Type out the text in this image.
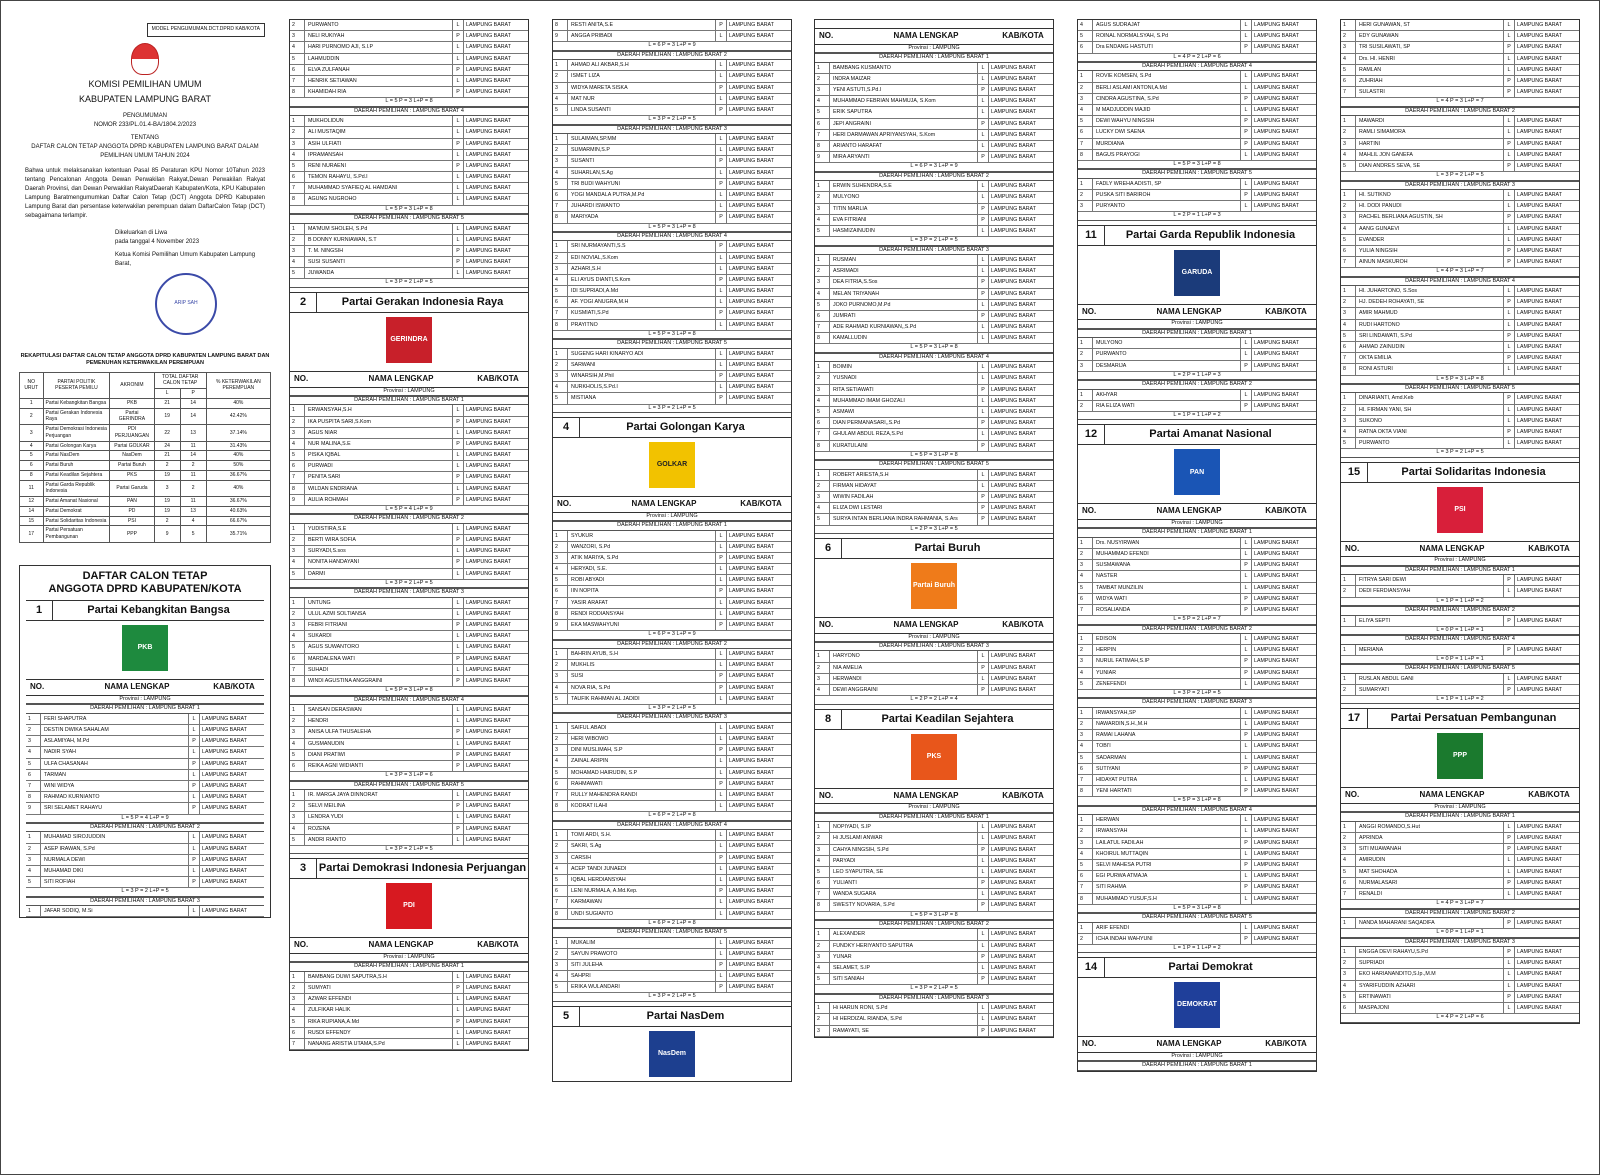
MODEL PENGUMUMAN.DCT.DPRD KAB/KOTA
KOMISI PEMILIHAN UMUM
KABUPATEN LAMPUNG BARAT
PENGUMUMAN
NOMOR 233/PL.01.4-BA/1804.2/2023
TENTANG
DAFTAR CALON TETAP ANGGOTA DPRD KABUPATEN LAMPUNG BARAT DALAM PEMILIHAN UMUM TAHUN 2024
Bahwa untuk melaksanakan ketentuan Pasal 85 Peraturan KPU Nomor 10Tahun 2023 tentang Pencalonan Anggota Dewan Perwakilan Rakyat,Dewan Perwakilan Rakyat Daerah Provinsi, dan Dewan Perwakilan RakyatDaerah Kabupaten/Kota, KPU Kabupaten Lampung Baratmengumumkan Daftar Calon Tetap (DCT) Anggota DPRD Kabupaten Lampung Barat dan persentase keterwakilan perempuan dalam DaftarCalon Tetap (DCT) sebagaimana terlampir.
Dikeluarkan di Liwa
pada tanggal 4 November 2023
Ketua Komisi Pemilihan Umum Kabupaten Lampung Barat,
ARIP SAH
REKAPITULASI DAFTAR CALON TETAP ANGGOTA DPRD KABUPATEN LAMPUNG BARAT DAN PEMENUHAN KETERWAKILAN PEREMPUAN
NO URUT	PARTAI POLITIK PESERTA PEMILU	AKRONIM	TOTAL DAFTAR CALON TETAP		% KETERWAKILAN PEREMPUAN
			L	P	
1	Partai Kebangkitan Bangsa	PKB	21	14	40%
2	Partai Gerakan Indonesia Raya	Partai GERINDRA	19	14	42.42%
3	Partai Demokrasi Indonesia Perjuangan	PDI PERJUANGAN	22	13	37.14%
4	Partai Golongan Karya	Partai GOLKAR	24	11	31.43%
5	Partai NasDem	NasDem	21	14	40%
6	Partai Buruh	Partai Buruh	2	2	50%
8	Partai Keadilan Sejahtera	PKS	19	11	36.67%
11	Partai Garda Republik Indonesia	Partai Garuda	3	2	40%
12	Partai Amanat Nasional	PAN	19	11	36.67%
14	Partai Demokrat	PD	19	13	40.63%
15	Partai Solidaritas Indonesia	PSI	2	4	66.67%
17	Partai Persatuan Pembangunan	PPP	9	5	35.71%
DAFTAR CALON TETAP
ANGGOTA DPRD KABUPATEN/KOTA
1	Partai Kebangkitan Bangsa
PKB
NO.	NAMA LENGKAP	KAB/KOTA
Provinsi : LAMPUNG
DAERAH PEMILIHAN : LAMPUNG BARAT 1
1	FERI SHAPUTRA	L	LAMPUNG BARAT
2	DESTIN DWIKA SAHALAM	L	LAMPUNG BARAT
3	ASLAMIYAH, M.Pd	P	LAMPUNG BARAT
4	NADIR SYAH	L	LAMPUNG BARAT
5	ULFA CHASANAH	P	LAMPUNG BARAT
6	TARMAN	L	LAMPUNG BARAT
7	WINI WIDYA	P	LAMPUNG BARAT
8	RAHMAD KURNIANTO	L	LAMPUNG BARAT
9	SRI SELAMET RAHAYU	P	LAMPUNG BARAT
L = 5 P = 4 L+P = 9
DAERAH PEMILIHAN : LAMPUNG BARAT 2
1	MUHAMAD SIROJUDDIN	L	LAMPUNG BARAT
2	ASEP IRAWAN, S.Pd	L	LAMPUNG BARAT
3	NURMALA DEWI	P	LAMPUNG BARAT
4	MUHAMAD DIKI	L	LAMPUNG BARAT
5	SITI ROFIAH	P	LAMPUNG BARAT
L = 3 P = 2 L+P = 5
DAERAH PEMILIHAN : LAMPUNG BARAT 3
1	JAFAR SODIQ, M.Si	L	LAMPUNG BARAT
2	PURWANTO	L	LAMPUNG BARAT
3	NELI RUKIYAH	P	LAMPUNG BARAT
4	HARI PURNOMO AJI, S.I.P	L	LAMPUNG BARAT
5	LAHMUDDIN	L	LAMPUNG BARAT
6	ELVA ZULFANAH	P	LAMPUNG BARAT
7	HENRIK SETIAWAN	L	LAMPUNG BARAT
8	KHAMIDAH RIA	P	LAMPUNG BARAT
L = 5 P = 3 L+P = 8
DAERAH PEMILIHAN : LAMPUNG BARAT 4
1	MUKHOLIDUN	L	LAMPUNG BARAT
2	ALI MUSTAQIM	L	LAMPUNG BARAT
3	ASIH ULFIATI	P	LAMPUNG BARAT
4	IPRAMANSAH	L	LAMPUNG BARAT
5	RENI NURAENI	P	LAMPUNG BARAT
6	TEMON RAHAYU, S.Pd.I	L	LAMPUNG BARAT
7	MUHAMMAD SYAFIEQ AL HAMDANI	L	LAMPUNG BARAT
8	AGUNG NUGROHO	L	LAMPUNG BARAT
L = 5 P = 3 L+P = 8
DAERAH PEMILIHAN : LAMPUNG BARAT 5
1	MA'MUM SHOLEH, S.Pd	L	LAMPUNG BARAT
2	B DONNY KURNIAWAN, S.T	L	LAMPUNG BARAT
3	T. M. NINGSIH	P	LAMPUNG BARAT
4	SUSI SUSANTI	P	LAMPUNG BARAT
5	JUWANDA	L	LAMPUNG BARAT
L = 3 P = 2 L+P = 5
2	Partai Gerakan Indonesia Raya
GERINDRA
NO.	NAMA LENGKAP	KAB/KOTA
Provinsi : LAMPUNG
DAERAH PEMILIHAN : LAMPUNG BARAT 1
1	ERWANSYAH,S.H	L	LAMPUNG BARAT
2	IKA PUSPITA SARI,S.Kom	P	LAMPUNG BARAT
3	AGUS NIAR	L	LAMPUNG BARAT
4	NUR MALINA,S.E	P	LAMPUNG BARAT
5	PISKA IQBAL	L	LAMPUNG BARAT
6	PURWADI	L	LAMPUNG BARAT
7	PENITA SARI	P	LAMPUNG BARAT
8	WILDAN ENDRIANA	L	LAMPUNG BARAT
9	AULIA ROHMAH	P	LAMPUNG BARAT
L = 5 P = 4 L+P = 9
DAERAH PEMILIHAN : LAMPUNG BARAT 2
1	YUDISTIRA,S.E	L	LAMPUNG BARAT
2	BERTI WIRA SOFIA	P	LAMPUNG BARAT
3	SURYADI,S.sos	L	LAMPUNG BARAT
4	NONITA HANDAYANI	P	LAMPUNG BARAT
5	DARMI	L	LAMPUNG BARAT
L = 3 P = 2 L+P = 5
DAERAH PEMILIHAN : LAMPUNG BARAT 3
1	UNTUNG	L	LAMPUNG BARAT
2	ULUL AZMI SOLTIANSA	L	LAMPUNG BARAT
3	FEBRI FITRIANI	P	LAMPUNG BARAT
4	SUKARDI	L	LAMPUNG BARAT
5	AGUS SUWANTORO	L	LAMPUNG BARAT
6	MARDALENA WATI	P	LAMPUNG BARAT
7	SUHADI	L	LAMPUNG BARAT
8	WINDI AGUSTINA ANGGRAINI	P	LAMPUNG BARAT
L = 5 P = 3 L+P = 8
DAERAH PEMILIHAN : LAMPUNG BARAT 4
1	SANSAN DERASWAN	L	LAMPUNG BARAT
2	HENDRI	L	LAMPUNG BARAT
3	ANISA ULFA THUSALEHA	P	LAMPUNG BARAT
4	GUSMANUDIN	L	LAMPUNG BARAT
5	DIANI PRATIWI	P	LAMPUNG BARAT
6	REIKA AGNI WIDIANTI	P	LAMPUNG BARAT
L = 3 P = 3 L+P = 6
DAERAH PEMILIHAN : LAMPUNG BARAT 5
1	IR. MARGA JAYA DINNORAT	L	LAMPUNG BARAT
2	SELVI MEILINA	P	LAMPUNG BARAT
3	LENDRA YUDI	L	LAMPUNG BARAT
4	ROZENA	P	LAMPUNG BARAT
5	ANDRI RIANTO	L	LAMPUNG BARAT
L = 3 P = 2 L+P = 5
3	Partai Demokrasi Indonesia Perjuangan
PDI
NO.	NAMA LENGKAP	KAB/KOTA
Provinsi : LAMPUNG
DAERAH PEMILIHAN : LAMPUNG BARAT 1
1	BAMBANG DUWI SAPUTRA,S.H	L	LAMPUNG BARAT
2	SUMYATI	P	LAMPUNG BARAT
3	AZWAR EFFENDI	L	LAMPUNG BARAT
4	ZULFIKAR HALIK	L	LAMPUNG BARAT
5	RIKA RUPIANA,A.Md	P	LAMPUNG BARAT
6	RUSDI EFFENDY	L	LAMPUNG BARAT
7	NANANG ARISTIA UTAMA,S.Pd	L	LAMPUNG BARAT
8	RESTI ANITA,S.E	P	LAMPUNG BARAT
9	ANGGA PRIBADI	L	LAMPUNG BARAT
L = 6 P = 3 L+P = 9
DAERAH PEMILIHAN : LAMPUNG BARAT 2
1	AHMAD ALI AKBAR,S.H	L	LAMPUNG BARAT
2	ISMET LIZA	L	LAMPUNG BARAT
3	WIDYA MARETA SISKA	P	LAMPUNG BARAT
4	MAT NUR	L	LAMPUNG BARAT
5	LINDA SUSANTI	P	LAMPUNG BARAT
L = 3 P = 2 L+P = 5
DAERAH PEMILIHAN : LAMPUNG BARAT 3
1	SULAIMAN,SP.MM	L	LAMPUNG BARAT
2	SUMARMIN,S.P	L	LAMPUNG BARAT
3	SUSANTI	P	LAMPUNG BARAT
4	SUHARLAN,S.Ag	L	LAMPUNG BARAT
5	TRI BUDI WAHYUNI	P	LAMPUNG BARAT
6	YOGI MANDALA PUTRA,M.Pd	L	LAMPUNG BARAT
7	JUHARDI ISWANTO	L	LAMPUNG BARAT
8	MARIYADA	P	LAMPUNG BARAT
L = 5 P = 3 L+P = 8
DAERAH PEMILIHAN : LAMPUNG BARAT 4
1	SRI NURMAYANTI,S.S	P	LAMPUNG BARAT
2	EDI NOVIAL,S.Kom	L	LAMPUNG BARAT
3	AZHARI,S.H	L	LAMPUNG BARAT
4	ELI AYUS DIANTI,S.Kom	P	LAMPUNG BARAT
5	IDI SUPRIADI,A.Md	L	LAMPUNG BARAT
6	AF. YOGI ANUGRA,M.H	L	LAMPUNG BARAT
7	KUSMIATI,S.Pd	P	LAMPUNG BARAT
8	PRAYITNO	L	LAMPUNG BARAT
L = 5 P = 3 L+P = 8
DAERAH PEMILIHAN : LAMPUNG BARAT 5
1	SUGENG HARI KINARYO ADI	L	LAMPUNG BARAT
2	SARWANI	L	LAMPUNG BARAT
3	WINARSIH,M.Phil	P	LAMPUNG BARAT
4	NURKHOLIS,S.Pd.I	L	LAMPUNG BARAT
5	MISTIANA	P	LAMPUNG BARAT
L = 3 P = 2 L+P = 5
4	Partai Golongan Karya
GOLKAR
NO.	NAMA LENGKAP	KAB/KOTA
Provinsi : LAMPUNG
DAERAH PEMILIHAN : LAMPUNG BARAT 1
1	SYUKUR	L	LAMPUNG BARAT
2	WANZORI, S.Pd	L	LAMPUNG BARAT
3	ATIK MARIYA, S.Pd	P	LAMPUNG BARAT
4	HERYADI, S.E.	L	LAMPUNG BARAT
5	ROBI ABYADI	L	LAMPUNG BARAT
6	IIN NOPITA	P	LAMPUNG BARAT
7	YASIR ARAFAT	L	LAMPUNG BARAT
8	RENDI RODIANSYAH	L	LAMPUNG BARAT
9	EKA MASWAHYUNI	P	LAMPUNG BARAT
L = 6 P = 3 L+P = 9
DAERAH PEMILIHAN : LAMPUNG BARAT 2
1	BAHRIN AYUB, S.H	L	LAMPUNG BARAT
2	MUKHLIS	L	LAMPUNG BARAT
3	SUSI	P	LAMPUNG BARAT
4	NOVA RIA, S.Pd	P	LAMPUNG BARAT
5	TAUFIK RAHMAN AL JADIDI	L	LAMPUNG BARAT
L = 3 P = 2 L+P = 5
DAERAH PEMILIHAN : LAMPUNG BARAT 3
1	SAIFUL ABADI	L	LAMPUNG BARAT
2	HERI WIBOWO	L	LAMPUNG BARAT
3	DINI MUSLIMAH, S.P	P	LAMPUNG BARAT
4	ZAINAL ARIPIN	L	LAMPUNG BARAT
5	MOHAMAD HAIRUDIN, S.P	L	LAMPUNG BARAT
6	RAHMAWATI	P	LAMPUNG BARAT
7	RULLY MAHENDRA RANDI	L	LAMPUNG BARAT
8	KODRAT ILAHI	L	LAMPUNG BARAT
L = 6 P = 2 L+P = 8
DAERAH PEMILIHAN : LAMPUNG BARAT 4
1	TOMI ARDI, S.H.	L	LAMPUNG BARAT
2	SAKRI, S.Ag	L	LAMPUNG BARAT
3	CARSIH	P	LAMPUNG BARAT
4	ACEP TANDI JUNAEDI	L	LAMPUNG BARAT
5	IQBAL HERDIANSYAH	L	LAMPUNG BARAT
6	LENI NURMALA, A.Md.Kep.	P	LAMPUNG BARAT
7	KARMAWAN	L	LAMPUNG BARAT
8	UNDI SUGIANTO	L	LAMPUNG BARAT
L = 6 P = 2 L+P = 8
DAERAH PEMILIHAN : LAMPUNG BARAT 5
1	MUKALIM	L	LAMPUNG BARAT
2	SAYUN PRAWOTO	L	LAMPUNG BARAT
3	SITI JULEHA	P	LAMPUNG BARAT
4	SAHPRI	L	LAMPUNG BARAT
5	ERIKA WULANDARI	P	LAMPUNG BARAT
L = 3 P = 2 L+P = 5
5	Partai NasDem
NasDem
NO.	NAMA LENGKAP	KAB/KOTA
Provinsi : LAMPUNG
DAERAH PEMILIHAN : LAMPUNG BARAT 1
1	BAMBANG KUSMANTO	L	LAMPUNG BARAT
2	INDRA MAIZAR	L	LAMPUNG BARAT
3	YENI ASTUTI,S.Pd.I	P	LAMPUNG BARAT
4	MUHAMMAD FEBRIAN MAHMUJA, S.Kom	L	LAMPUNG BARAT
5	ERIK SAPUTRA	L	LAMPUNG BARAT
6	JEPI ANGRAINI	P	LAMPUNG BARAT
7	HERI DARMAWAN APRIYANSYAH, S.Kom	L	LAMPUNG BARAT
8	ARIANTO HARAFAT	L	LAMPUNG BARAT
9	MIRA ARYANTI	P	LAMPUNG BARAT
L = 6 P = 3 L+P = 9
DAERAH PEMILIHAN : LAMPUNG BARAT 2
1	ERWIN SUHENDRA,S.E	L	LAMPUNG BARAT
2	MULYONO	L	LAMPUNG BARAT
3	TITIN MARLIA	P	LAMPUNG BARAT
4	EVA FITRIANI	P	LAMPUNG BARAT
5	HASMIZAINUDIN	L	LAMPUNG BARAT
L = 3 P = 2 L+P = 5
DAERAH PEMILIHAN : LAMPUNG BARAT 3
1	RUSMAN	L	LAMPUNG BARAT
2	ASRIMADI	L	LAMPUNG BARAT
3	DEA FITRIA,S.Sos	P	LAMPUNG BARAT
4	MELAN TRIYANAH	P	LAMPUNG BARAT
5	JOKO PURNOMO,M.Pd	L	LAMPUNG BARAT
6	JUMRATI	P	LAMPUNG BARAT
7	ADE RAHMAD KURNIAWAN,,S.Pd	L	LAMPUNG BARAT
8	KAMALLUDIN	L	LAMPUNG BARAT
L = 5 P = 3 L+P = 8
DAERAH PEMILIHAN : LAMPUNG BARAT 4
1	BOIMIN	L	LAMPUNG BARAT
2	YUSNADI	L	LAMPUNG BARAT
3	RITA SETIAWATI	P	LAMPUNG BARAT
4	MUHAMMAD IMAM GHOZALI	L	LAMPUNG BARAT
5	ASMAWI	L	LAMPUNG BARAT
6	DIAN PERMANASARI,,S.Pd	P	LAMPUNG BARAT
7	GHULAM ABDUL REZA,S.Pd	L	LAMPUNG BARAT
8	KURATULAINI	P	LAMPUNG BARAT
L = 5 P = 3 L+P = 8
DAERAH PEMILIHAN : LAMPUNG BARAT 5
1	ROBERT ARIESTA,S.H	L	LAMPUNG BARAT
2	FIRMAN HIDAYAT	L	LAMPUNG BARAT
3	WIWIN FADILAH	P	LAMPUNG BARAT
4	ELIZA DWI LESTARI	P	LAMPUNG BARAT
5	SURYA INTAN BERLIANA INDRA RAHMANIA, S.Ars	P	LAMPUNG BARAT
L = 2 P = 3 L+P = 5
6	Partai Buruh
Partai Buruh
NO.	NAMA LENGKAP	KAB/KOTA
Provinsi : LAMPUNG
DAERAH PEMILIHAN : LAMPUNG BARAT 3
1	HARYONO	L	LAMPUNG BARAT
2	NIA AMELIA	P	LAMPUNG BARAT
3	HERWANDI	L	LAMPUNG BARAT
4	DEWI ANGGRAINI	P	LAMPUNG BARAT
L = 2 P = 2 L+P = 4
8	Partai Keadilan Sejahtera
PKS
NO.	NAMA LENGKAP	KAB/KOTA
Provinsi : LAMPUNG
DAERAH PEMILIHAN : LAMPUNG BARAT 1
1	NOPIYADI, S.IP	L	LAMPUNG BARAT
2	Hi JUSLAMI ANWAR	L	LAMPUNG BARAT
3	CAHYA NINGSIH, S.Pd	P	LAMPUNG BARAT
4	PARYADI	L	LAMPUNG BARAT
5	LEO SYAPUTRA, SE	L	LAMPUNG BARAT
6	YULIANTI	P	LAMPUNG BARAT
7	WANDA SUGARA	L	LAMPUNG BARAT
8	SWESTY NOVARIA, S.Pd	P	LAMPUNG BARAT
L = 5 P = 3 L+P = 8
DAERAH PEMILIHAN : LAMPUNG BARAT 2
1	ALEXANDER	L	LAMPUNG BARAT
2	FUNDKY HERIYANTO SAPUTRA	L	LAMPUNG BARAT
3	YUNAR	P	LAMPUNG BARAT
4	SELAMET, S.IP	L	LAMPUNG BARAT
5	SITI SANIAH	P	LAMPUNG BARAT
L = 3 P = 2 L+P = 5
DAERAH PEMILIHAN : LAMPUNG BARAT 3
1	Hi HARUN RONI, S.Pd	L	LAMPUNG BARAT
2	HI HERDIZAL RIANDA, S.Pd	L	LAMPUNG BARAT
3	RAMAYATI, SE	P	LAMPUNG BARAT
4	AGUS SUDRAJAT	L	LAMPUNG BARAT
5	ROINAL NORMALSYAH, S.Pd	L	LAMPUNG BARAT
6	Dra ENDANG HASTUTI	P	LAMPUNG BARAT
L = 4 P = 2 L+P = 6
DAERAH PEMILIHAN : LAMPUNG BARAT 4
1	ROVIE KOMSEN, S.Pd	L	LAMPUNG BARAT
2	BERLI ASLAMI ANTONI,A.Md	L	LAMPUNG BARAT
3	CINDRA AGUSTINA, S.Pd	P	LAMPUNG BARAT
4	M MADJUDDIN MAJID	L	LAMPUNG BARAT
5	DEWI WAHYU NINGSIH	P	LAMPUNG BARAT
6	LUCKY DWI SAENA	P	LAMPUNG BARAT
7	MURDIANA	P	LAMPUNG BARAT
8	BAGUS PRAYOGI	L	LAMPUNG BARAT
L = 5 P = 3 L+P = 8
DAERAH PEMILIHAN : LAMPUNG BARAT 5
1	FADLY WREHA ADISTI, SP	L	LAMPUNG BARAT
2	PUSKA SITI BARIROH	P	LAMPUNG BARAT
3	PURYANTO	L	LAMPUNG BARAT
L = 2 P = 1 L+P = 3
11	Partai Garda Republik Indonesia
GARUDA
NO.	NAMA LENGKAP	KAB/KOTA
Provinsi : LAMPUNG
DAERAH PEMILIHAN : LAMPUNG BARAT 1
1	MULYONO	L	LAMPUNG BARAT
2	PURWANTO	L	LAMPUNG BARAT
3	DESMARIJA	P	LAMPUNG BARAT
L = 2 P = 1 L+P = 3
DAERAH PEMILIHAN : LAMPUNG BARAT 2
1	AKHYAR	L	LAMPUNG BARAT
2	RIA ELIZA WATI	P	LAMPUNG BARAT
L = 1 P = 1 L+P = 2
12	Partai Amanat Nasional
PAN
NO.	NAMA LENGKAP	KAB/KOTA
Provinsi : LAMPUNG
DAERAH PEMILIHAN : LAMPUNG BARAT 1
1	Drs. NUSYIRWAN	L	LAMPUNG BARAT
2	MUHAMMAD EFENDI	L	LAMPUNG BARAT
3	SUSMAWANA	P	LAMPUNG BARAT
4	NASTER	L	LAMPUNG BARAT
5	TAMBAT MUNZILIN	L	LAMPUNG BARAT
6	WIDYA WATI	P	LAMPUNG BARAT
7	ROSALIANDA	P	LAMPUNG BARAT
L = 5 P = 2 L+P = 7
DAERAH PEMILIHAN : LAMPUNG BARAT 2
1	EDISON	L	LAMPUNG BARAT
2	HERPIN	L	LAMPUNG BARAT
3	NURUL FATIMAH,S.IP	P	LAMPUNG BARAT
4	YUNIAR	P	LAMPUNG BARAT
5	ZENEFENDI	L	LAMPUNG BARAT
L = 3 P = 2 L+P = 5
DAERAH PEMILIHAN : LAMPUNG BARAT 3
1	IRWANSYAH,SP	L	LAMPUNG BARAT
2	NAWARDIN,S.H.,M.H	L	LAMPUNG BARAT
3	RAMAI LAHANA	P	LAMPUNG BARAT
4	TOBI'I	L	LAMPUNG BARAT
5	SADARMAN	L	LAMPUNG BARAT
6	SUTIYANI	P	LAMPUNG BARAT
7	HIDAYAT PUTRA	L	LAMPUNG BARAT
8	YENI HARTATI	P	LAMPUNG BARAT
L = 5 P = 3 L+P = 8
DAERAH PEMILIHAN : LAMPUNG BARAT 4
1	HERWAN	L	LAMPUNG BARAT
2	IRWANSYAH	L	LAMPUNG BARAT
3	LAILATUL FADILAH	P	LAMPUNG BARAT
4	KHOIRUL MUTTAQIN	L	LAMPUNG BARAT
5	SELVI MAHESA PUTRI	P	LAMPUNG BARAT
6	EGI PURWA ATMAJA	L	LAMPUNG BARAT
7	SITI RAHMA	P	LAMPUNG BARAT
8	MUHAMMAD YUSUF,S.H	L	LAMPUNG BARAT
L = 5 P = 3 L+P = 8
DAERAH PEMILIHAN : LAMPUNG BARAT 5
1	ARIF EFENDI	L	LAMPUNG BARAT
2	ICHA INDAH WAHYUNI	P	LAMPUNG BARAT
L = 1 P = 1 L+P = 2
14	Partai Demokrat
DEMOKRAT
NO.	NAMA LENGKAP	KAB/KOTA
Provinsi : LAMPUNG
DAERAH PEMILIHAN : LAMPUNG BARAT 1
1	HERI GUNAWAN, ST	L	LAMPUNG BARAT
2	EDY GUNAWAN	L	LAMPUNG BARAT
3	TRI SUSILAWATI, SP	P	LAMPUNG BARAT
4	Drs. HI. HENRI	L	LAMPUNG BARAT
5	RAMLAN	L	LAMPUNG BARAT
6	ZUHRIAH	P	LAMPUNG BARAT
7	SULASTRI	P	LAMPUNG BARAT
L = 4 P = 3 L+P = 7
DAERAH PEMILIHAN : LAMPUNG BARAT 2
1	MAWARDI	L	LAMPUNG BARAT
2	RAMLI SIMAMORA	L	LAMPUNG BARAT
3	HARTINI	P	LAMPUNG BARAT
4	MAHLIL JON GANEFA	L	LAMPUNG BARAT
5	DIAN ANDRES SEVA, SE	P	LAMPUNG BARAT
L = 3 P = 2 L+P = 5
DAERAH PEMILIHAN : LAMPUNG BARAT 3
1	HI. SUTIKNO	L	LAMPUNG BARAT
2	HI. DODI PANUDI	L	LAMPUNG BARAT
3	RACHEL BERLIANA AGUSTIN, SH	P	LAMPUNG BARAT
4	AANG GUNAEVI	L	LAMPUNG BARAT
5	EVANDER	L	LAMPUNG BARAT
6	YULIA NINGSIH	P	LAMPUNG BARAT
7	AINUN MASKUROH	P	LAMPUNG BARAT
L = 4 P = 3 L+P = 7
DAERAH PEMILIHAN : LAMPUNG BARAT 4
1	HI. JUHARTONO, S.Sos	L	LAMPUNG BARAT
2	HJ. DEDEH ROHAYATI, SE	P	LAMPUNG BARAT
3	AMIR MAHMUD	L	LAMPUNG BARAT
4	RUDI HARTONO	L	LAMPUNG BARAT
5	SRI LINDAWATI, S.Pd	P	LAMPUNG BARAT
6	AHMAD ZAINUDIN	L	LAMPUNG BARAT
7	OKTA EMILIA	P	LAMPUNG BARAT
8	RONI ASTURI	L	LAMPUNG BARAT
L = 5 P = 3 L+P = 8
DAERAH PEMILIHAN : LAMPUNG BARAT 5
1	DINARIANTI, Amd.Keb	P	LAMPUNG BARAT
2	HI. FIRMAN YANI, SH	L	LAMPUNG BARAT
3	SUKONO	L	LAMPUNG BARAT
4	RATNA OKTA VIANI	P	LAMPUNG BARAT
5	PURWANTO	L	LAMPUNG BARAT
L = 3 P = 2 L+P = 5
15	Partai Solidaritas Indonesia
PSI
NO.	NAMA LENGKAP	KAB/KOTA
Provinsi : LAMPUNG
DAERAH PEMILIHAN : LAMPUNG BARAT 1
1	FITRYA SARI DEWI	P	LAMPUNG BARAT
2	DEDI FERDIANSYAH	L	LAMPUNG BARAT
L = 1 P = 1 L+P = 2
DAERAH PEMILIHAN : LAMPUNG BARAT 2
1	ELIYA SEPTI	P	LAMPUNG BARAT
L = 0 P = 1 L+P = 1
DAERAH PEMILIHAN : LAMPUNG BARAT 4
1	MERIANA	P	LAMPUNG BARAT
L = 0 P = 1 L+P = 1
DAERAH PEMILIHAN : LAMPUNG BARAT 5
1	RUSLAN ABDUL GANI	L	LAMPUNG BARAT
2	SUMARYATI	P	LAMPUNG BARAT
L = 1 P = 1 L+P = 2
17	Partai Persatuan Pembangunan
PPP
NO.	NAMA LENGKAP	KAB/KOTA
Provinsi : LAMPUNG
DAERAH PEMILIHAN : LAMPUNG BARAT 1
1	ANGGI ROMANDO,S.Hut	L	LAMPUNG BARAT
2	APRINDA	P	LAMPUNG BARAT
3	SITI MUAWANAH	P	LAMPUNG BARAT
4	AMIRUDIN	L	LAMPUNG BARAT
5	MAT SHOHADA	L	LAMPUNG BARAT
6	NURMALASARI	P	LAMPUNG BARAT
7	RENALDI	L	LAMPUNG BARAT
L = 4 P = 3 L+P = 7
DAERAH PEMILIHAN : LAMPUNG BARAT 2
1	NANDA MAHARANI SAQADIFA	P	LAMPUNG BARAT
L = 0 P = 1 L+P = 1
DAERAH PEMILIHAN : LAMPUNG BARAT 3
1	ENGGA DEVI RAHAYU,S.Pd	P	LAMPUNG BARAT
2	SUPRIADI	L	LAMPUNG BARAT
3	EKO HARIANANDITO,S.Ip.,M.M	L	LAMPUNG BARAT
4	SYARIFUDDIN AZHARI	L	LAMPUNG BARAT
5	ERTINAWATI	P	LAMPUNG BARAT
6	MASPAJONI	L	LAMPUNG BARAT
L = 4 P = 2 L+P = 6
